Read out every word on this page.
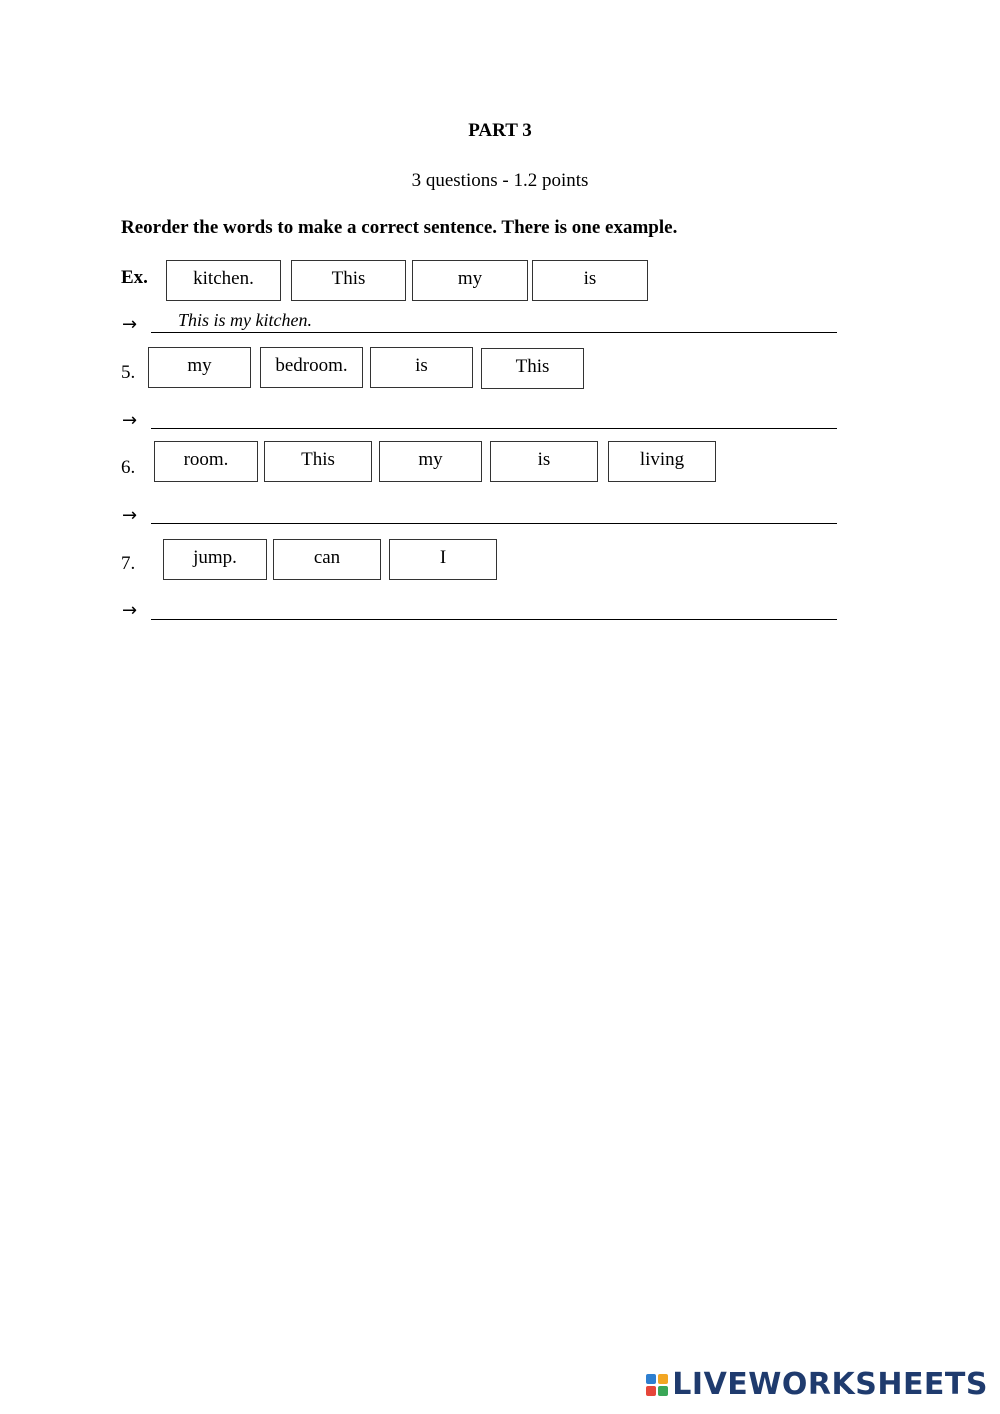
PART 3
3 questions - 1.2 points
Reorder the words to make a correct sentence. There is one example.
Ex.	kitchen.	This	my	is
→ This is my kitchen.
5.	my	bedroom.	is	This
→
6.	room.	This	my	is	living
→
7.	jump.	can	I
→
LIVEWORKSHEETS
